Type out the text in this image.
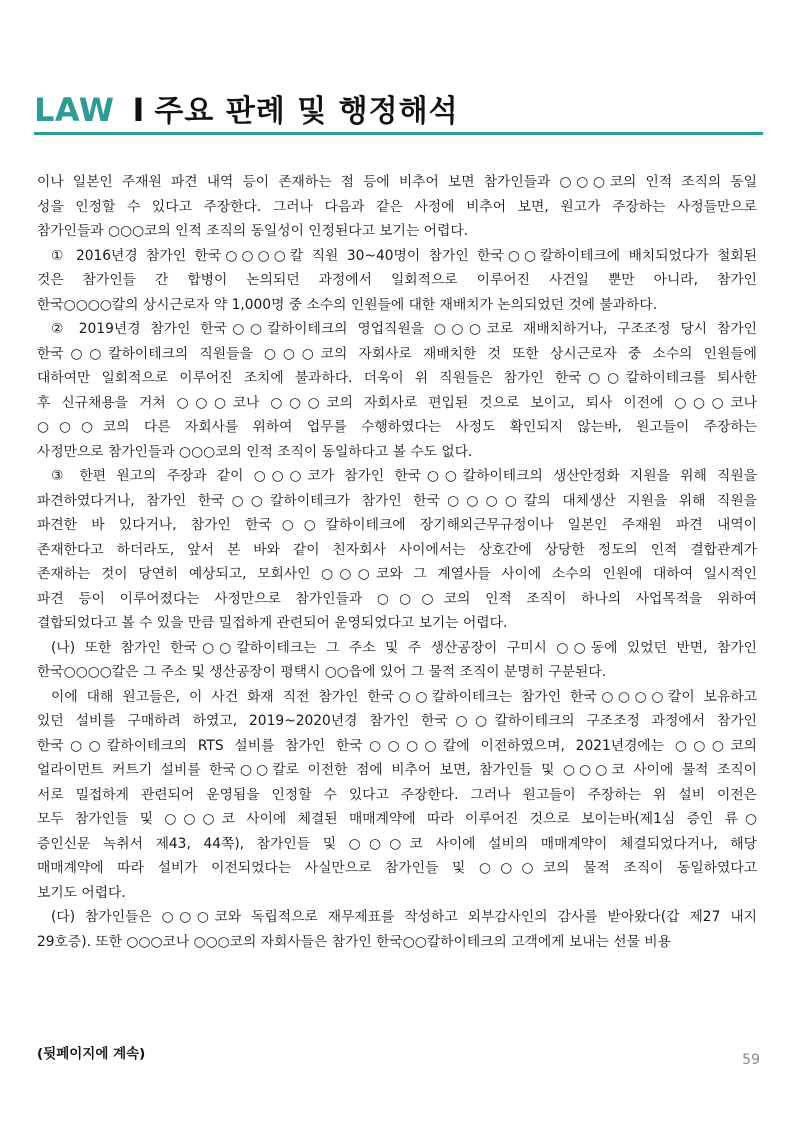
LAW I 주요 판례 및 행정해석

이나 일본인 주재원 파견 내역 등이 존재하는 점 등에 비추어 보면 참가인들과 ○○○코의 인적 조직의 동일

성을 인정할 수 있다고 주장한다. 그러나 다음과 같은 사정에 비추어 보면, 원고가 주장하는 사정들만으로

참가인들과 ○○○코의 인적 조직의 동일성이 인정된다고 보기는 어렵다.

① 2016년경 참가인 한국○○○○칼 직원 30~40명이 참가인 한국○○칼하이테크에 배치되었다가 철회된

것은 참가인들 간 합병이 논의되던 과정에서 일회적으로 이루어진 사건일 뿐만 아니라, 참가인

한국○○○○칼의 상시근로자 약 1,000명 중 소수의 인원들에 대한 재배치가 논의되었던 것에 불과하다.

② 2019년경 참가인 한국○○칼하이테크의 영업직원을 ○○○코로 재배치하거나, 구조조정 당시 참가인

한국○○칼하이테크의 직원들을 ○○○코의 자회사로 재배치한 것 또한 상시근로자 중 소수의 인원들에

대하여만 일회적으로 이루어진 조치에 불과하다. 더욱이 위 직원들은 참가인 한국○○칼하이테크를 퇴사한

후 신규채용을 거쳐 ○○○코나 ○○○코의 자회사로 편입된 것으로 보이고, 퇴사 이전에 ○○○코나

○○○코의 다른 자회사를 위하여 업무를 수행하였다는 사정도 확인되지 않는바, 원고들이 주장하는

사정만으로 참가인들과 ○○○코의 인적 조직이 동일하다고 볼 수도 없다.

③ 한편 원고의 주장과 같이 ○○○코가 참가인 한국○○칼하이테크의 생산안정화 지원을 위해 직원을

파견하였다거나, 참가인 한국○○칼하이테크가 참가인 한국○○○○칼의 대체생산 지원을 위해 직원을

파견한 바 있다거나, 참가인 한국○○칼하이테크에 장기해외근무규정이나 일본인 주재원 파견 내역이

존재한다고 하더라도, 앞서 본 바와 같이 친자회사 사이에서는 상호간에 상당한 정도의 인적 결합관계가

존재하는 것이 당연히 예상되고, 모회사인 ○○○코와 그 계열사들 사이에 소수의 인원에 대하여 일시적인

파견 등이 이루어졌다는 사정만으로 참가인들과 ○○○코의 인적 조직이 하나의 사업목적을 위하여

결합되었다고 볼 수 있을 만큼 밀접하게 관련되어 운영되었다고 보기는 어렵다.

(나) 또한 참가인 한국○○칼하이테크는 그 주소 및 주 생산공장이 구미시 ○○동에 있었던 반면, 참가인

한국○○○○칼은 그 주소 및 생산공장이 평택시 ○○읍에 있어 그 물적 조직이 분명히 구분된다.

이에 대해 원고들은, 이 사건 화재 직전 참가인 한국○○칼하이테크는 참가인 한국○○○○칼이 보유하고

있던 설비를 구매하려 하였고, 2019~2020년경 참가인 한국○○칼하이테크의 구조조정 과정에서 참가인

한국○○칼하이테크의 RTS 설비를 참가인 한국○○○○칼에 이전하였으며, 2021년경에는 ○○○코의

얼라이먼트 커트기 설비를 한국○○칼로 이전한 점에 비추어 보면, 참가인들 및 ○○○코 사이에 물적 조직이

서로 밀접하게 관련되어 운영됨을 인정할 수 있다고 주장한다. 그러나 원고들이 주장하는 위 설비 이전은

모두 참가인들 및 ○○○코 사이에 체결된 매매계약에 따라 이루어진 것으로 보이는바(제1심 증인 류○

증인신문 녹취서 제43, 44쪽), 참가인들 및 ○○○코 사이에 설비의 매매계약이 체결되었다거나, 해당

매매계약에 따라 설비가 이전되었다는 사실만으로 참가인들 및 ○○○코의 물적 조직이 동일하였다고

보기도 어렵다.

(다) 참가인들은 ○○○코와 독립적으로 재무제표를 작성하고 외부감사인의 감사를 받아왔다(갑 제27 내지

29호증). 또한 ○○○코나 ○○○코의 자회사들은 참가인 한국○○칼하이테크의 고객에게 보내는 선물 비용

(뒷페이지에 계속)	59
